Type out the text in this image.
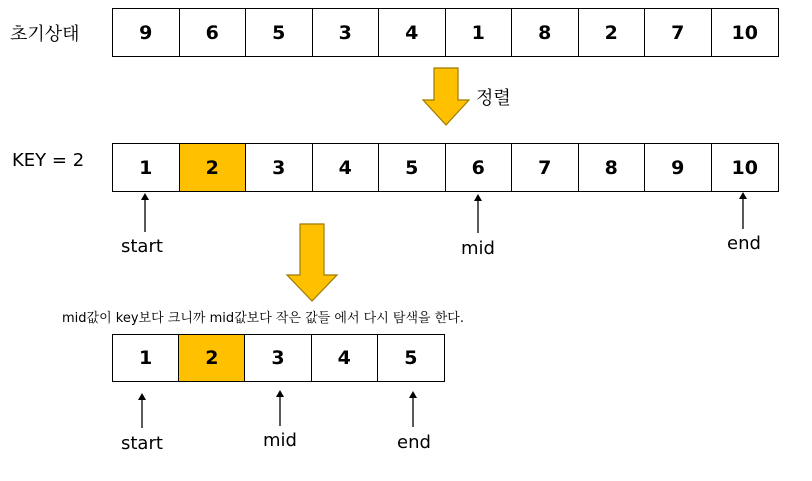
초기상태	9	6	5	3	4	1	8	2	7	10
정렬
KEY = 2	1	2	3	4	5	6	7	8	9	10
start	mid	end
mid값이 key보다 크니까 mid값보다 작은 값들 에서 다시 탐색을 한다.
1	2	3	4	5
start	mid	end
